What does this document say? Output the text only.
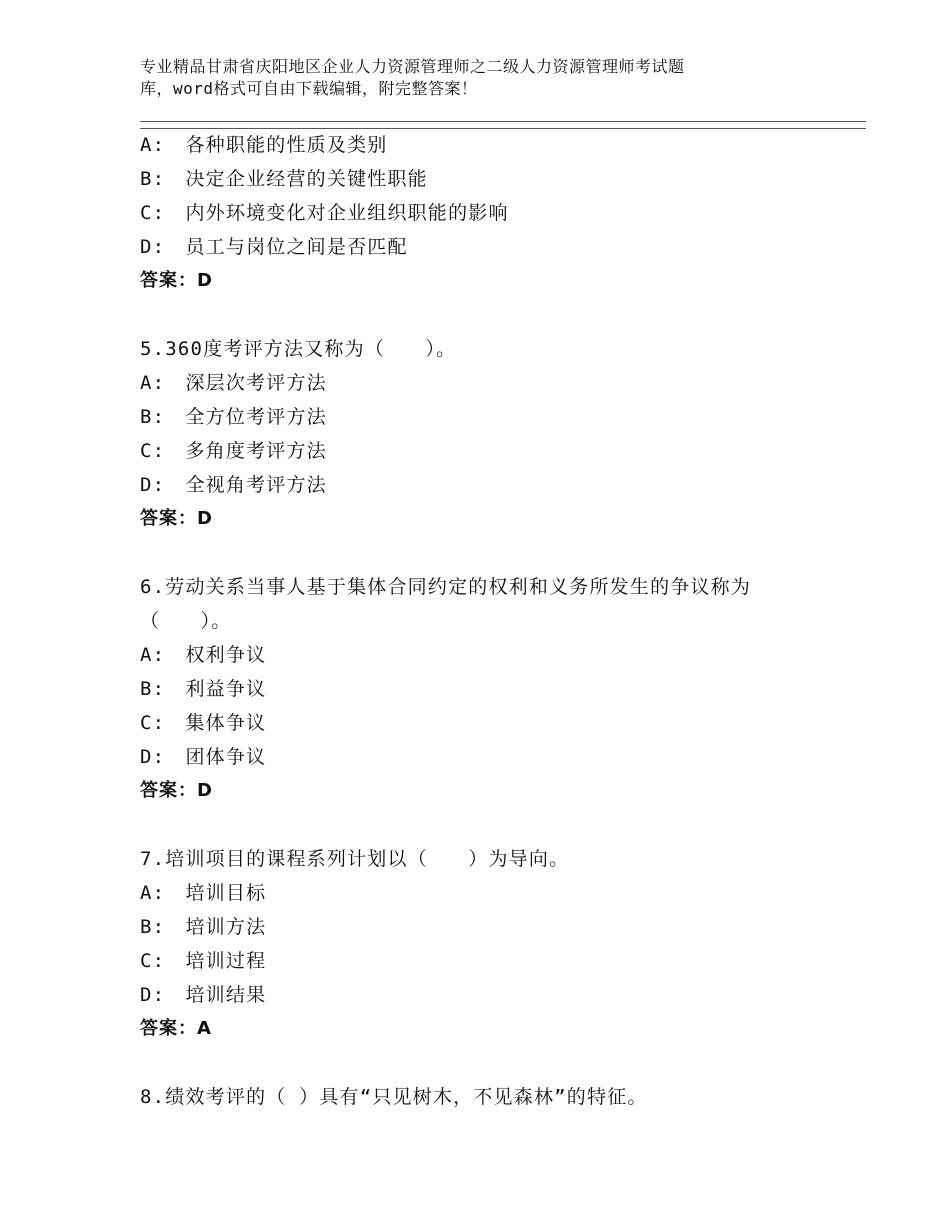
专业精品甘肃省庆阳地区企业人力资源管理师之二级人力资源管理师考试题
库，word格式可自由下载编辑，附完整答案！
A:　各种职能的性质及类别
B:　决定企业经营的关键性职能
C:　内外环境变化对企业组织职能的影响
D:　员工与岗位之间是否匹配
答案：D
5.360度考评方法又称为（　　）。
A:　深层次考评方法
B:　全方位考评方法
C:　多角度考评方法
D:　全视角考评方法
答案：D
6.劳动关系当事人基于集体合同约定的权利和义务所发生的争议称为
（　　）。
A:　权利争议
B:　利益争议
C:　集体争议
D:　团体争议
答案：D
7.培训项目的课程系列计划以（　　）为导向。
A:　培训目标
B:　培训方法
C:　培训过程
D:　培训结果
答案：A
8.绩效考评的（ ）具有“只见树木，不见森林”的特征。
